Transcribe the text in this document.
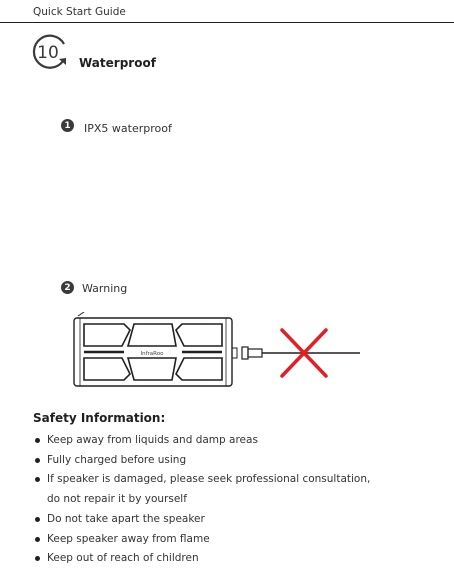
Quick Start Guide
10 Waterproof
1	IPX5 waterproof
2	Warning
InfraRoo
Safety Information:
Keep away from liquids and damp areas
Fully charged before using
If speaker is damaged, please seek professional consultation,
do not repair it by yourself
Do not take apart the speaker
Keep speaker away from flame
Keep out of reach of children
